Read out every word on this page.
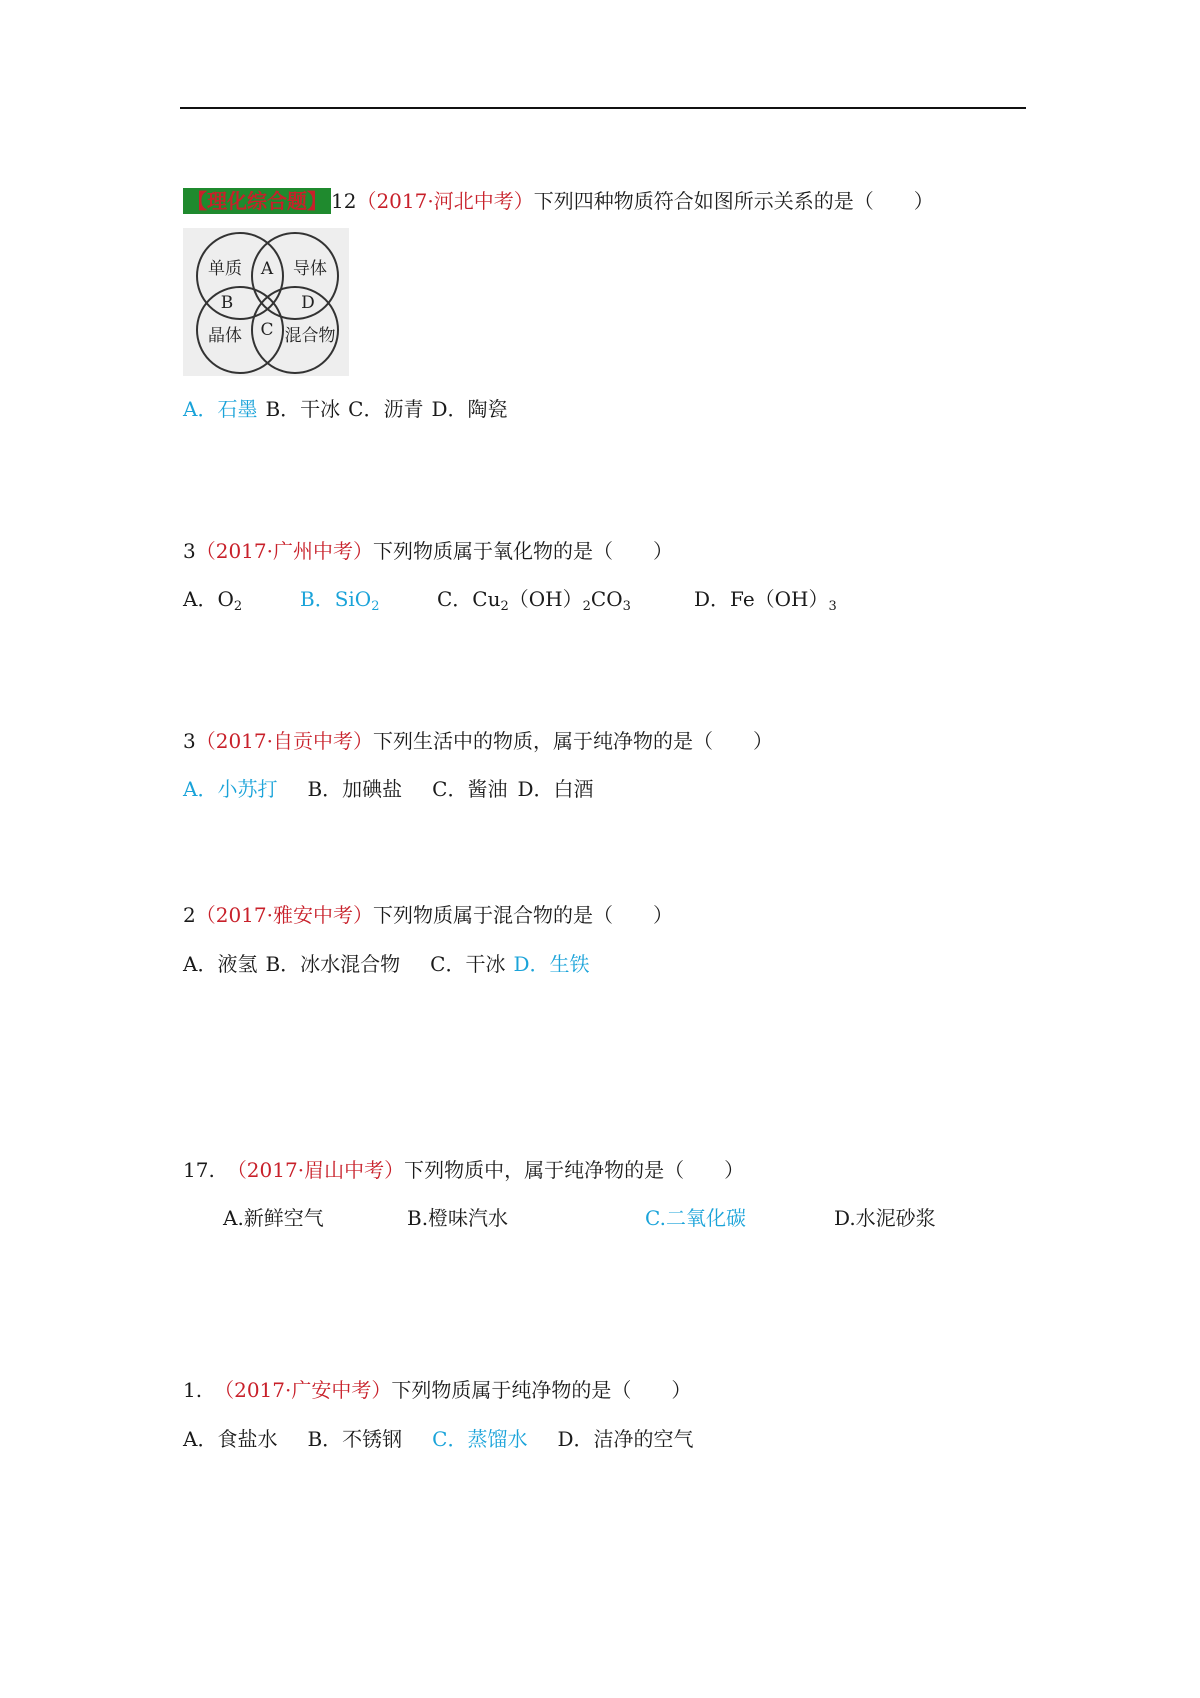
【理化综合题】 12（2017·河北中考）下列四种物质符合如图所示关系的是（　　）
单质 A 导体
B	D
晶体 C 混合物
A．石墨 B．干冰 C．沥青 D．陶瓷
3（2017·广州中考）下列物质属于氧化物的是（　　）
A．$O_2$	B．SiO$_2$	C．$Cu_2(OH)_2CO_3$	D．$Fe(OH)_3$
3（2017·自贡中考）下列生活中的物质，属于纯净物的是（　　）
A．小苏打 B．加碘盐 C．酱油 D．白酒
2（2017·雅安中考）下列物质属于混合物的是（　　）
A．液氢 B．冰水混合物 C．干冰 D．生铁
17. （2017·眉山中考）下列物质中，属于纯净物的是（　　）
A.新鲜空气	B.橙味汽水	C.二氧化碳	D.水泥砂浆
1. （2017·广安中考）下列物质属于纯净物的是（　　）
A．食盐水 B．不锈钢 C．蒸馏水 D．洁净的空气
